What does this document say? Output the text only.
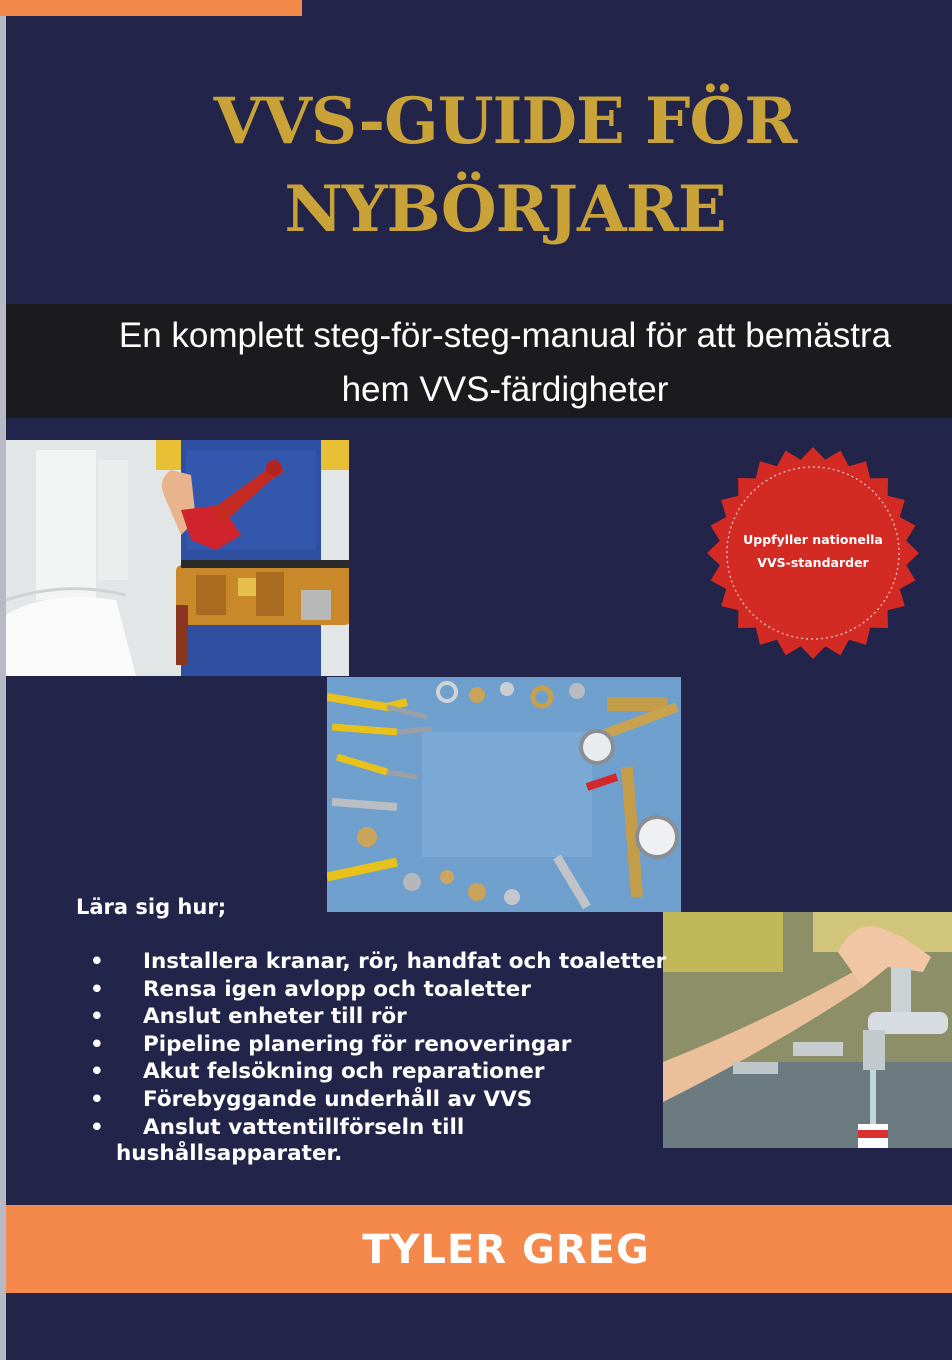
VVS-GUIDE FÖR
NYBÖRJARE
En komplett steg-för-steg-manual för att bemästra
hem VVS-färdigheter
Uppfyller nationella
VVS-standarder
Lära sig hur;
• Installera kranar, rör, handfat och toaletter
• Rensa igen avlopp och toaletter
• Anslut enheter till rör
• Pipeline planering för renoveringar
• Akut felsökning och reparationer
• Förebyggande underhåll av VVS
• Anslut vattentillförseln till
hushållsapparater.
TYLER GREG
